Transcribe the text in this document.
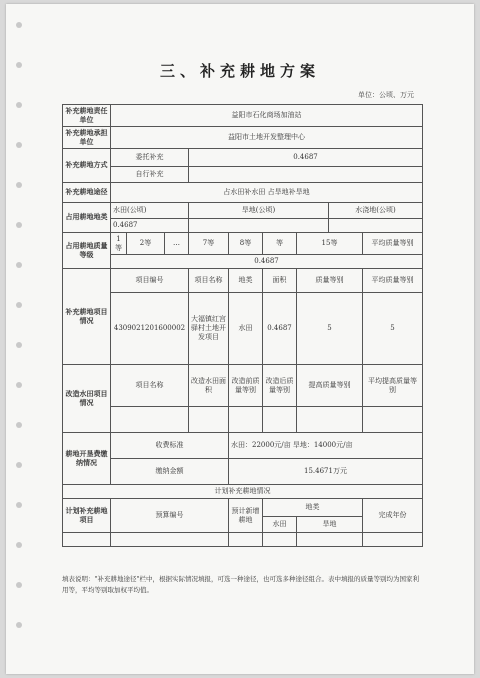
三、补充耕地方案
单位：公顷、万元
补充耕地责任单位	益阳市石化商场加油站								
补充耕地承担单位	益阳市土地开发整理中心								
补充耕地方式	委托补充			0.4687					
	自行补充								
补充耕地途径	占水田补水田 占旱地补旱地								
占用耕地地类	水田(公顷)			旱地(公顷)				水浇地(公顷)	
	0.4687								
占用耕地质量等级	1等	2等	…	7等	8等	等	15等		平均质量等别
	0.4687								
补充耕地项目情况	项目编号			项目名称	地类	面积	质量等别		平均质量等别
	4309021201600002			大福镇红宫驿村土地开发项目	水田	0.4687	5		5
改造水田项目情况	项目名称			改造水田面积	改造前质量等别	改造后质量等别	提高质量等别		平均提高质量等别

耕地开垦费缴纳情况	收费标准				水田：22000元/亩 旱地：14000元/亩				
	缴纳金额				15.4671万元				
计划补充耕地情况									
计划补充耕地项目	预算编号				预计新增耕地	地类			完成年份
						水田	旱地		

填表说明："补充耕地途径"栏中，根据实际情况填报，可选一种途径，也可选多种途径组合。表中填报的质量等别均为国家利用等，平均等别取加权平均值。
